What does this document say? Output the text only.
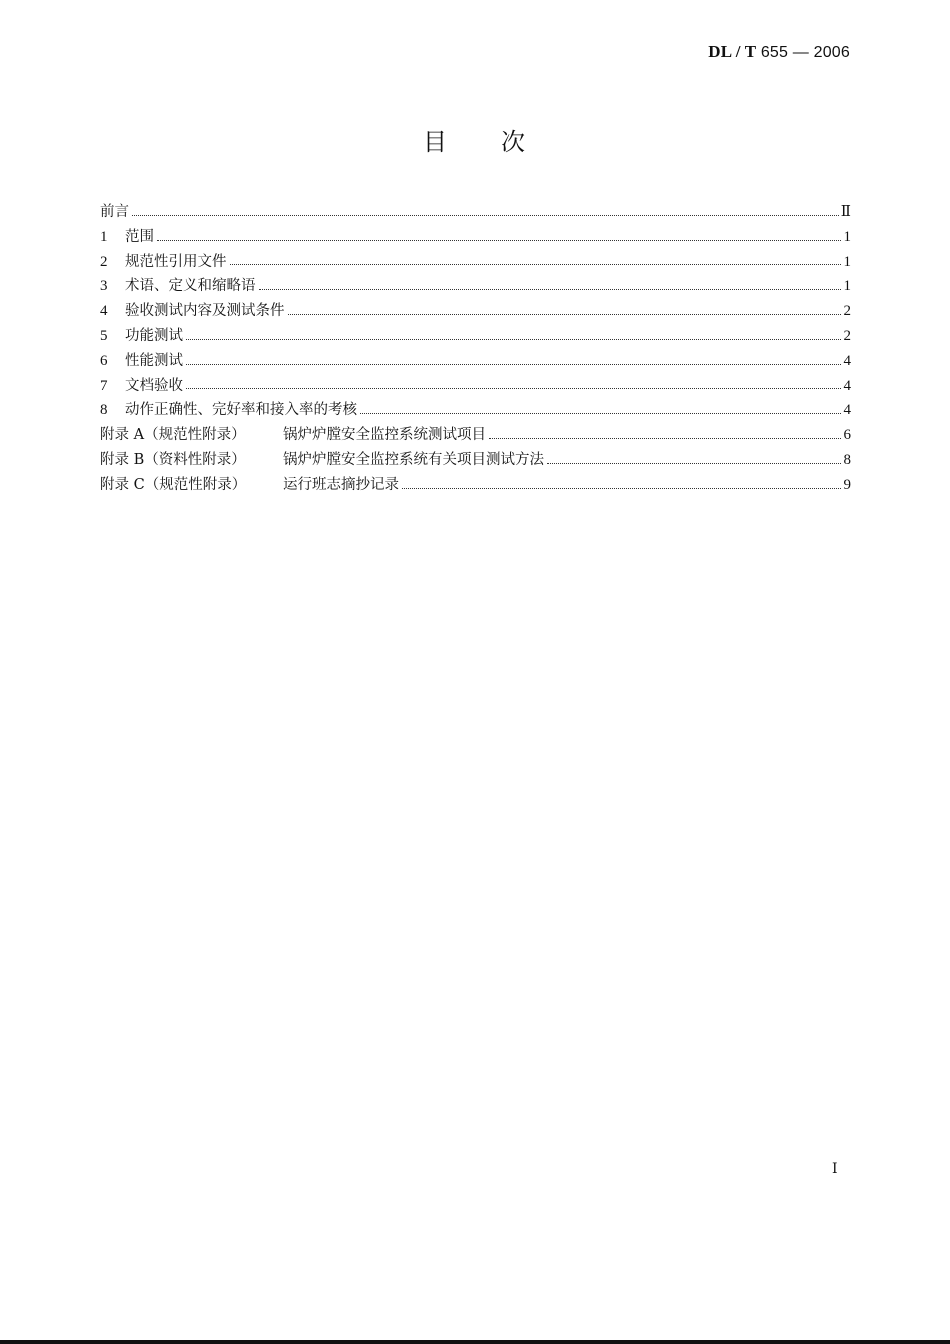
DL / T 655 — 2006
目　　次
前言	Ⅱ
1	范围	1
2	规范性引用文件	1
3	术语、定义和缩略语	1
4	验收测试内容及测试条件	2
5	功能测试	2
6	性能测试	4
7	文档验收	4
8	动作正确性、完好率和接入率的考核	4
附录 A（规范性附录）	锅炉炉膛安全监控系统测试项目	6
附录 B（资料性附录）	锅炉炉膛安全监控系统有关项目测试方法	8
附录 C（规范性附录）	运行班志摘抄记录	9
Ⅰ
